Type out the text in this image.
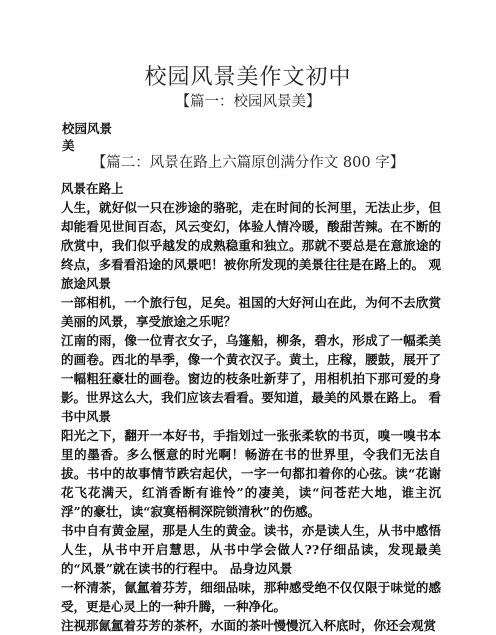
校园风景美作文初中
【篇一：校园风景美】
校园风景美
【篇二：风景在路上六篇原创满分作文 800 字】

风景在路上

人生，就好似一只在涉途的骆驼，走在时间的长河里，无法止步，但却能看见世间百态，风云变幻，体验人情冷暖，酸甜苦辣。在不断的欣赏中，我们似乎越发的成熟稳重和独立。那就不要总是在意旅途的终点，多看看沿途的风景吧！被你所发现的美景往往是在路上的。 观旅途风景

一部相机，一个旅行包，足矣。祖国的大好河山在此，为何不去欣赏美丽的风景，享受旅途之乐呢？

江南的雨，像一位青衣女子，乌篷船，柳条，碧水，形成了一幅柔美的画卷。西北的旱季，像一个黄衣汉子。黄土，庄稼，腰鼓，展开了一幅粗狂豪壮的画卷。窗边的枝条吐新芽了，用相机拍下那可爱的身影。世界这么大，我们应该去看看。要知道，最美的风景在路上。 看书中风景

阳光之下，翻开一本好书，手指划过一张张柔软的书页，嗅一嗅书本里的墨香。多么惬意的时光啊！畅游在书的世界里，令我们无法自拔。书中的故事情节跌宕起伏，一字一句都扣着你的心弦。读“花谢花飞花满天，红消香断有谁怜”的凄美，读“问苍茫大地，谁主沉浮”的豪壮，读“寂寞梧桐深院锁清秋”的伤感。

书中自有黄金屋，那是人生的黄金。读书，亦是读人生，从书中感悟人生，从书中开启慧思，从书中学会做人??仔细品读，发现最美的“风景”就在读书的行程中。 品身边风景

一杯清茶，氤氲着芬芳，细细品味，那种感受绝不仅仅限于味觉的感受，更是心灵上的一种升腾，一种净化。

注视那氤氲着芬芳的茶杯，水面的茶叶慢慢沉入杯底时，你还会观赏
